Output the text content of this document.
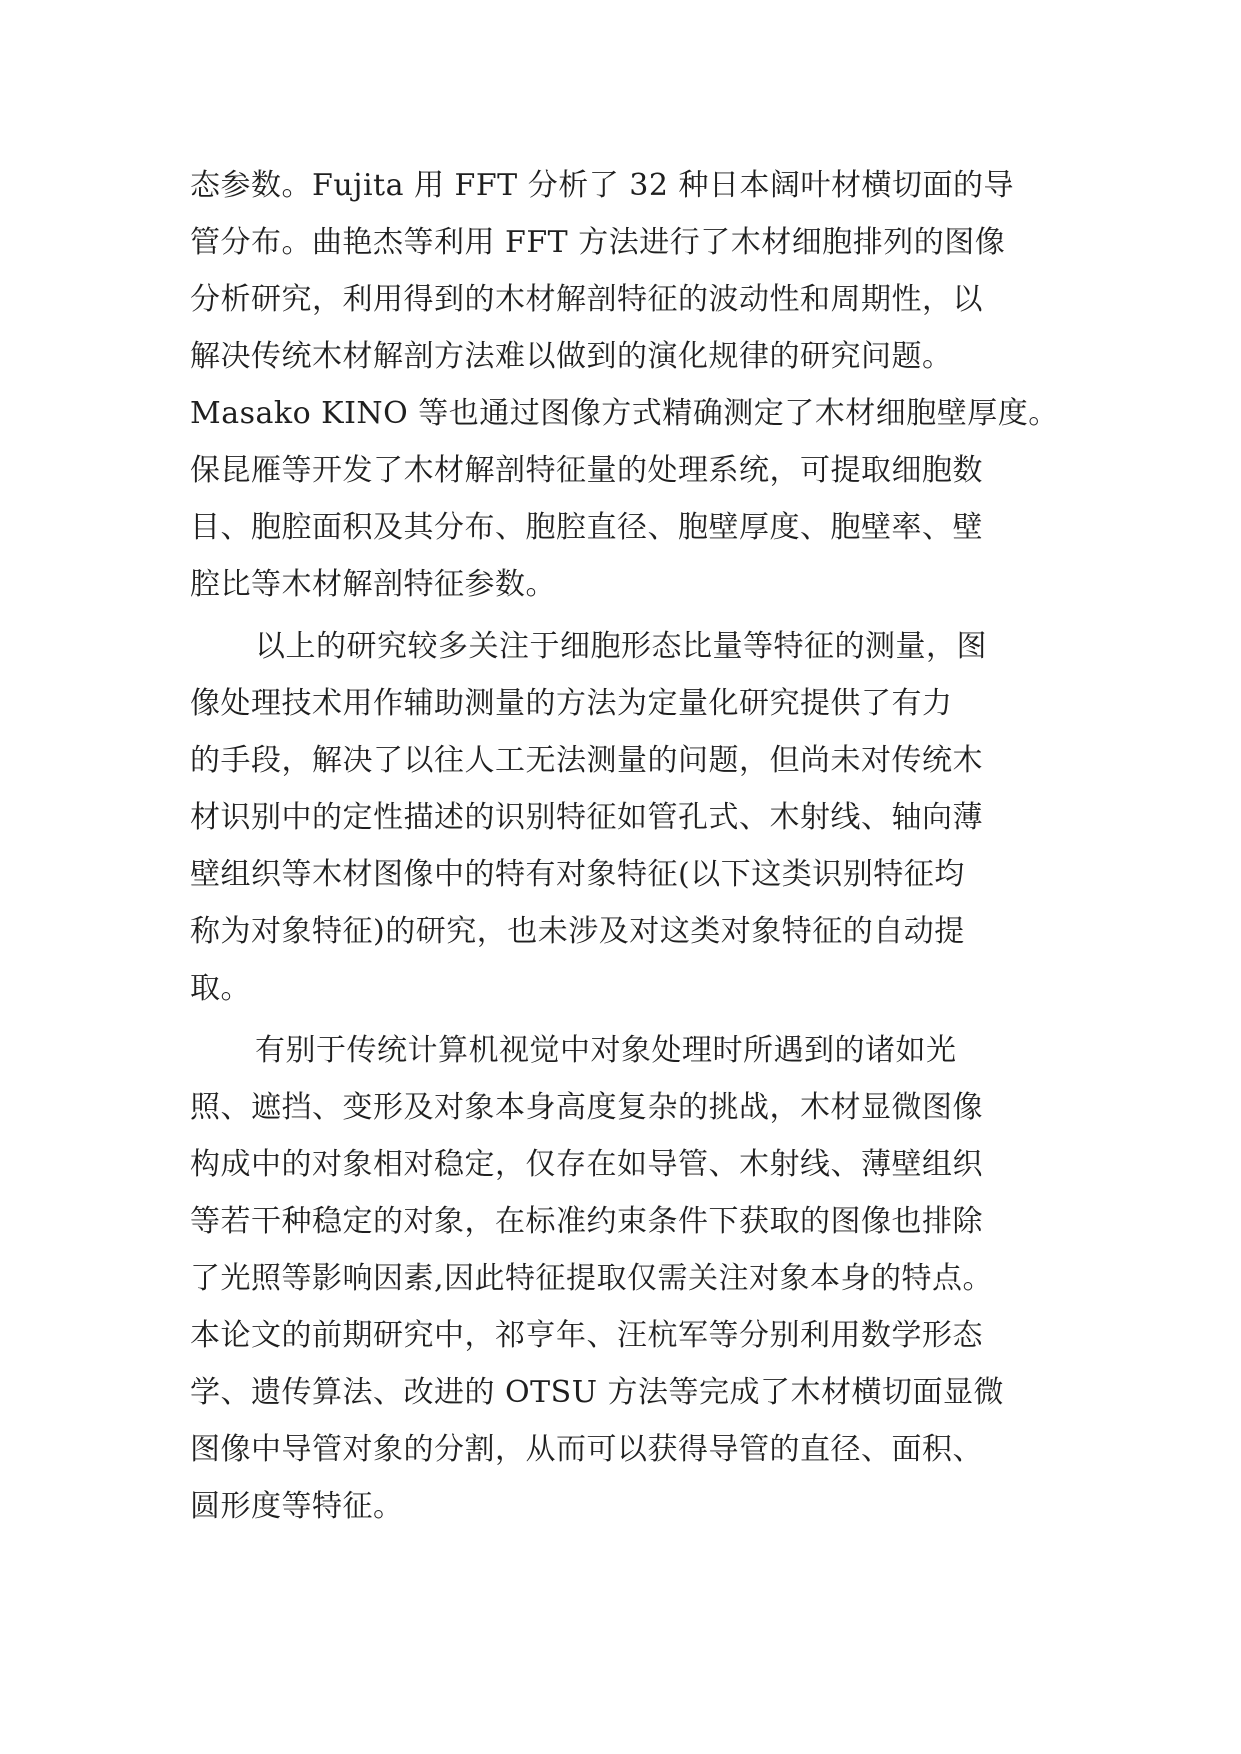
态参数。Fujita 用 FFT 分析了 32 种日本阔叶材横切面的导
管分布。曲艳杰等利用 FFT 方法进行了木材细胞排列的图像
分析研究，利用得到的木材解剖特征的波动性和周期性，以
解决传统木材解剖方法难以做到的演化规律的研究问题。
Masako KINO 等也通过图像方式精确测定了木材细胞壁厚度。
保昆雁等开发了木材解剖特征量的处理系统，可提取细胞数
目、胞腔面积及其分布、胞腔直径、胞壁厚度、胞壁率、壁
腔比等木材解剖特征参数。
以上的研究较多关注于细胞形态比量等特征的测量，图
像处理技术用作辅助测量的方法为定量化研究提供了有力
的手段，解决了以往人工无法测量的问题，但尚未对传统木
材识别中的定性描述的识别特征如管孔式、木射线、轴向薄
壁组织等木材图像中的特有对象特征(以下这类识别特征均
称为对象特征)的研究，也未涉及对这类对象特征的自动提
取。
有别于传统计算机视觉中对象处理时所遇到的诸如光
照、遮挡、变形及对象本身高度复杂的挑战，木材显微图像
构成中的对象相对稳定，仅存在如导管、木射线、薄壁组织
等若干种稳定的对象，在标准约束条件下获取的图像也排除
了光照等影响因素,因此特征提取仅需关注对象本身的特点。
本论文的前期研究中，祁亨年、汪杭军等分别利用数学形态
学、遗传算法、改进的 OTSU 方法等完成了木材横切面显微
图像中导管对象的分割，从而可以获得导管的直径、面积、
圆形度等特征。
